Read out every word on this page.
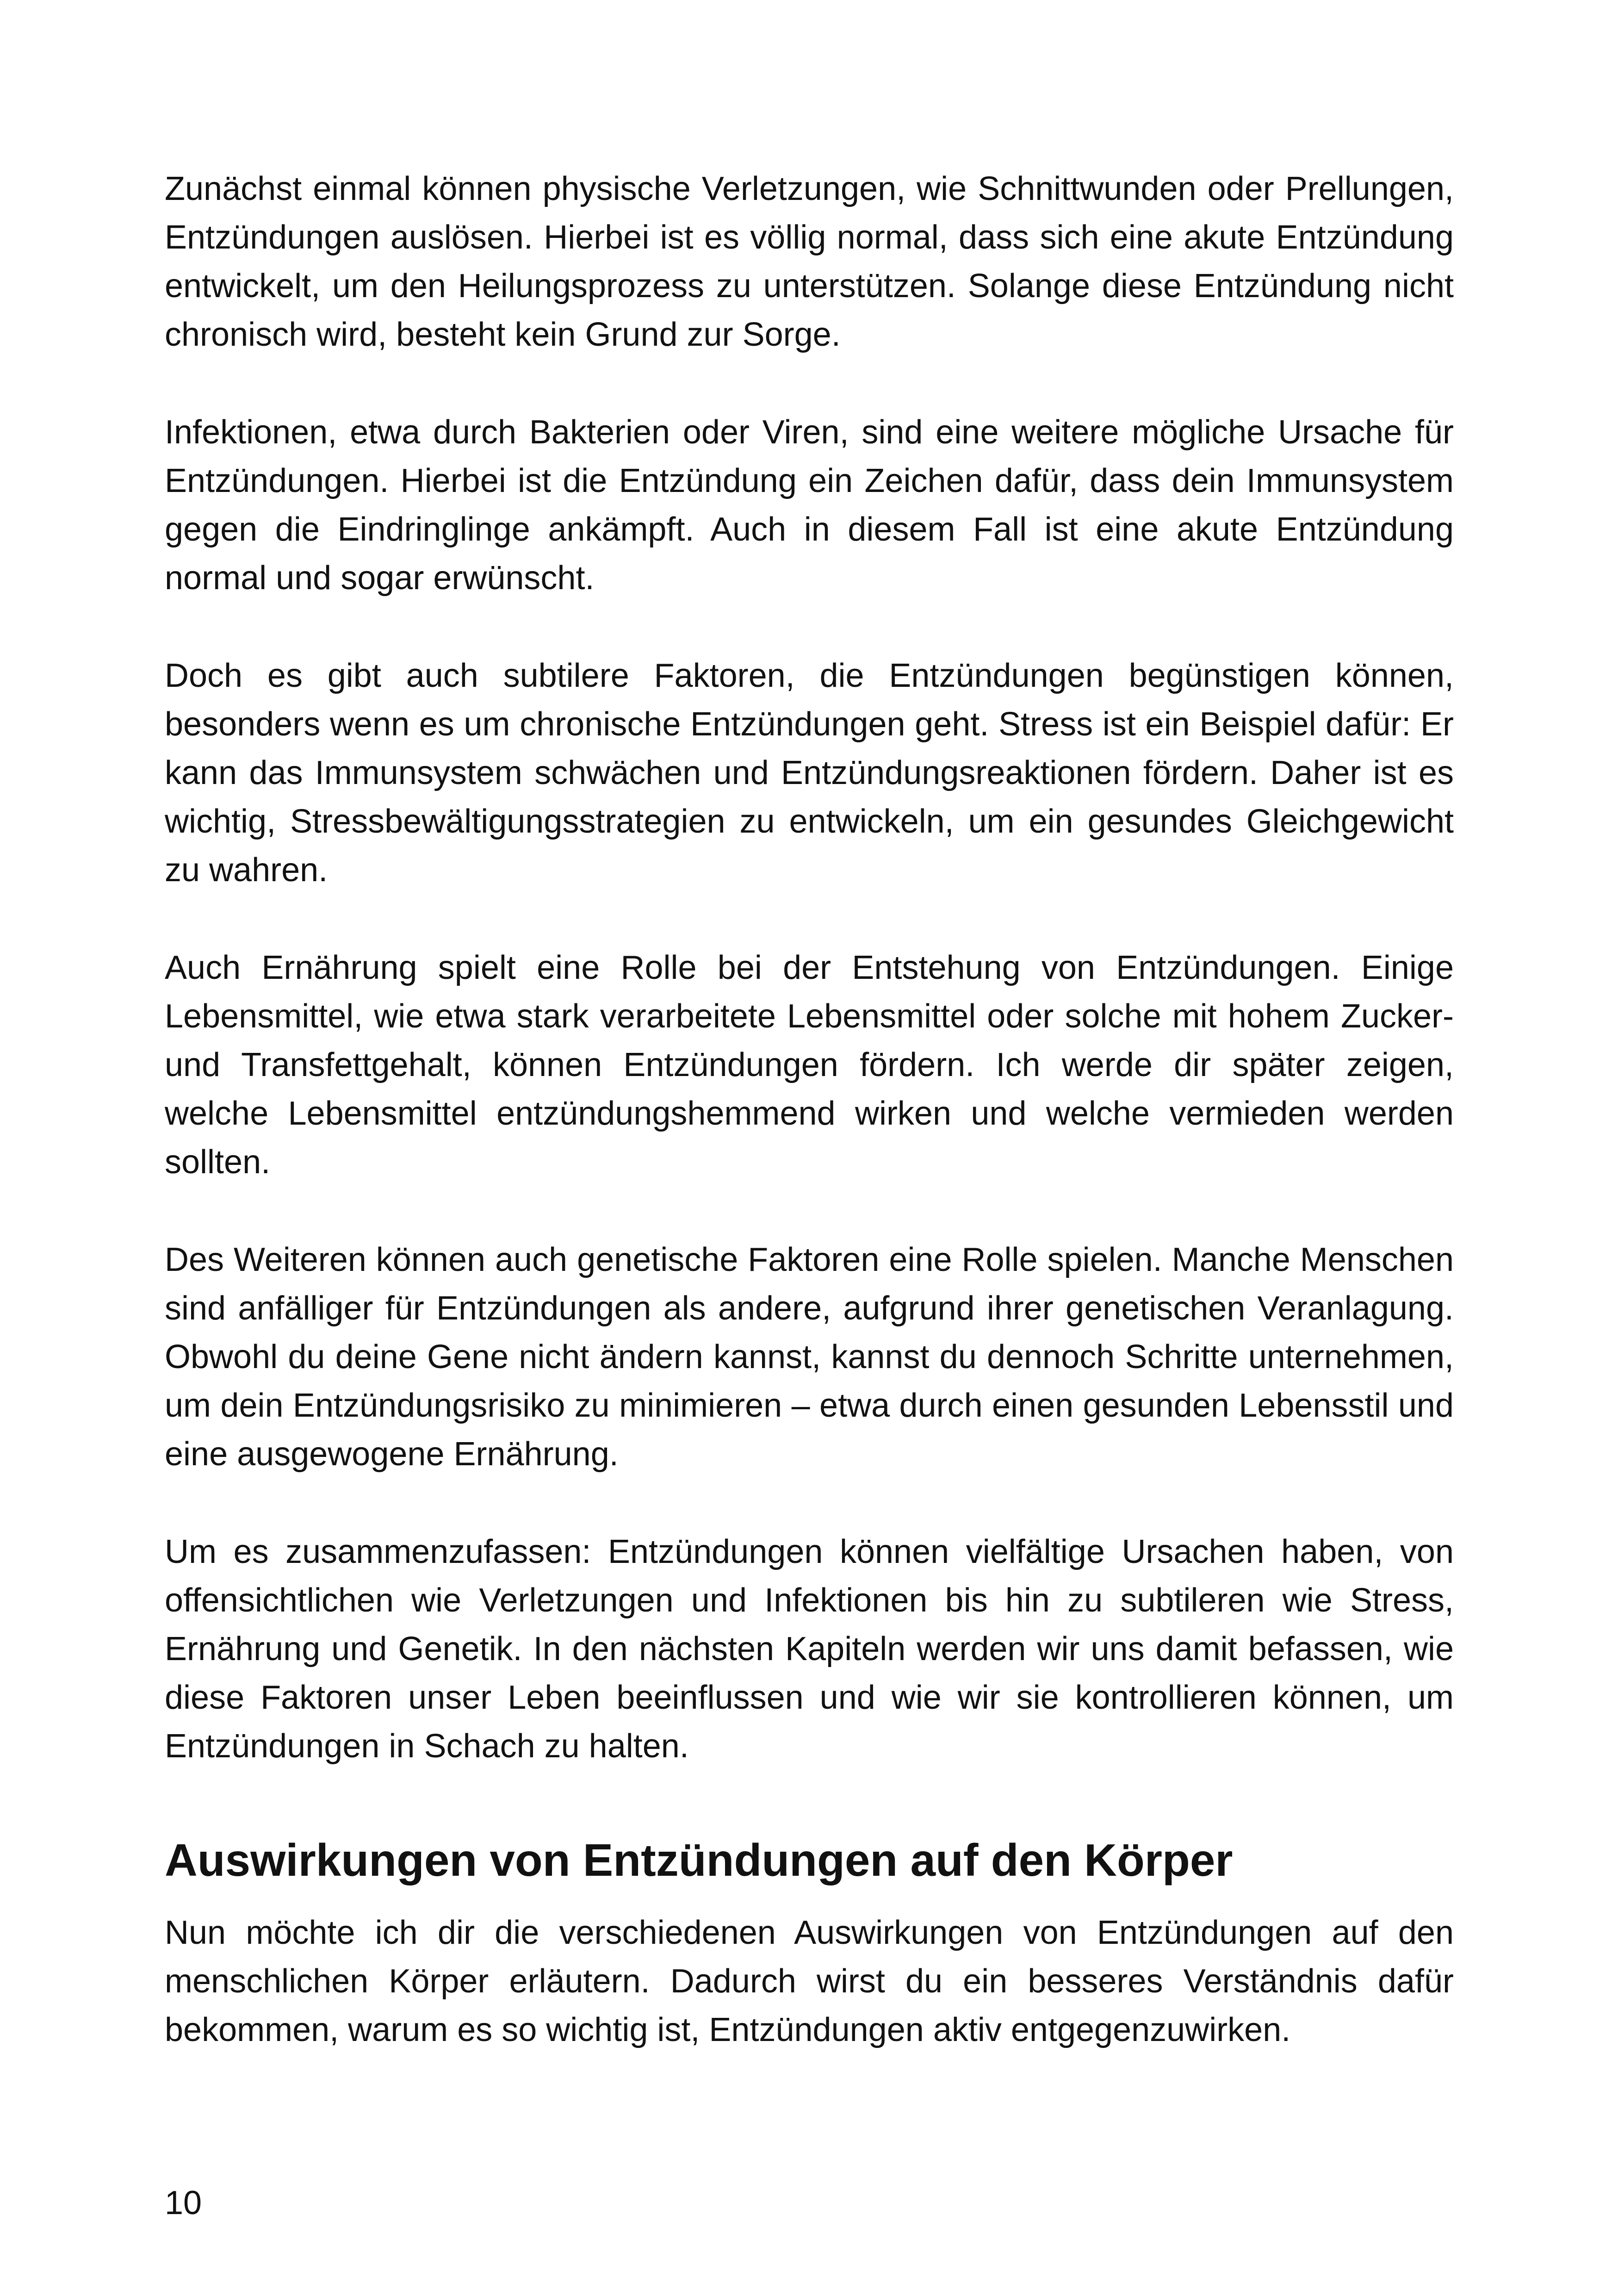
Zunächst einmal können physische Verletzungen, wie Schnittwunden oder Prellungen, Entzündungen auslösen. Hierbei ist es völlig normal, dass sich eine akute Entzündung entwickelt, um den Heilungsprozess zu unterstützen. Solange diese Entzündung nicht chronisch wird, besteht kein Grund zur Sorge.

Infektionen, etwa durch Bakterien oder Viren, sind eine weitere mögliche Ursache für Entzündungen. Hierbei ist die Entzündung ein Zeichen dafür, dass dein Immunsystem gegen die Eindringlinge ankämpft. Auch in diesem Fall ist eine akute Entzündung normal und sogar erwünscht.

Doch es gibt auch subtilere Faktoren, die Entzündungen begünstigen können, besonders wenn es um chronische Entzündungen geht. Stress ist ein Beispiel dafür: Er kann das Immunsystem schwächen und Entzündungsreaktionen fördern. Daher ist es wichtig, Stressbewältigungsstrategien zu entwickeln, um ein gesundes Gleichgewicht zu wahren.

Auch Ernährung spielt eine Rolle bei der Entstehung von Entzündungen. Einige Lebensmittel, wie etwa stark verarbeitete Lebensmittel oder solche mit hohem Zucker- und Transfettgehalt, können Entzündungen fördern. Ich werde dir später zeigen, welche Lebensmittel entzündungshemmend wirken und welche vermieden werden sollten.

Des Weiteren können auch genetische Faktoren eine Rolle spielen. Manche Menschen sind anfälliger für Entzündungen als andere, aufgrund ihrer genetischen Veranlagung. Obwohl du deine Gene nicht ändern kannst, kannst du dennoch Schritte unternehmen, um dein Entzündungsrisiko zu minimieren – etwa durch einen gesunden Lebensstil und eine ausgewogene Ernährung.

Um es zusammenzufassen: Entzündungen können vielfältige Ursachen haben, von offensichtlichen wie Verletzungen und Infektionen bis hin zu subtileren wie Stress, Ernährung und Genetik. In den nächsten Kapiteln werden wir uns damit befassen, wie diese Faktoren unser Leben beeinflussen und wie wir sie kontrollieren können, um Entzündungen in Schach zu halten.

Auswirkungen von Entzündungen auf den Körper

Nun möchte ich dir die verschiedenen Auswirkungen von Entzündungen auf den menschlichen Körper erläutern. Dadurch wirst du ein besseres Verständnis dafür bekommen, warum es so wichtig ist, Entzündungen aktiv entgegenzuwirken.

10
